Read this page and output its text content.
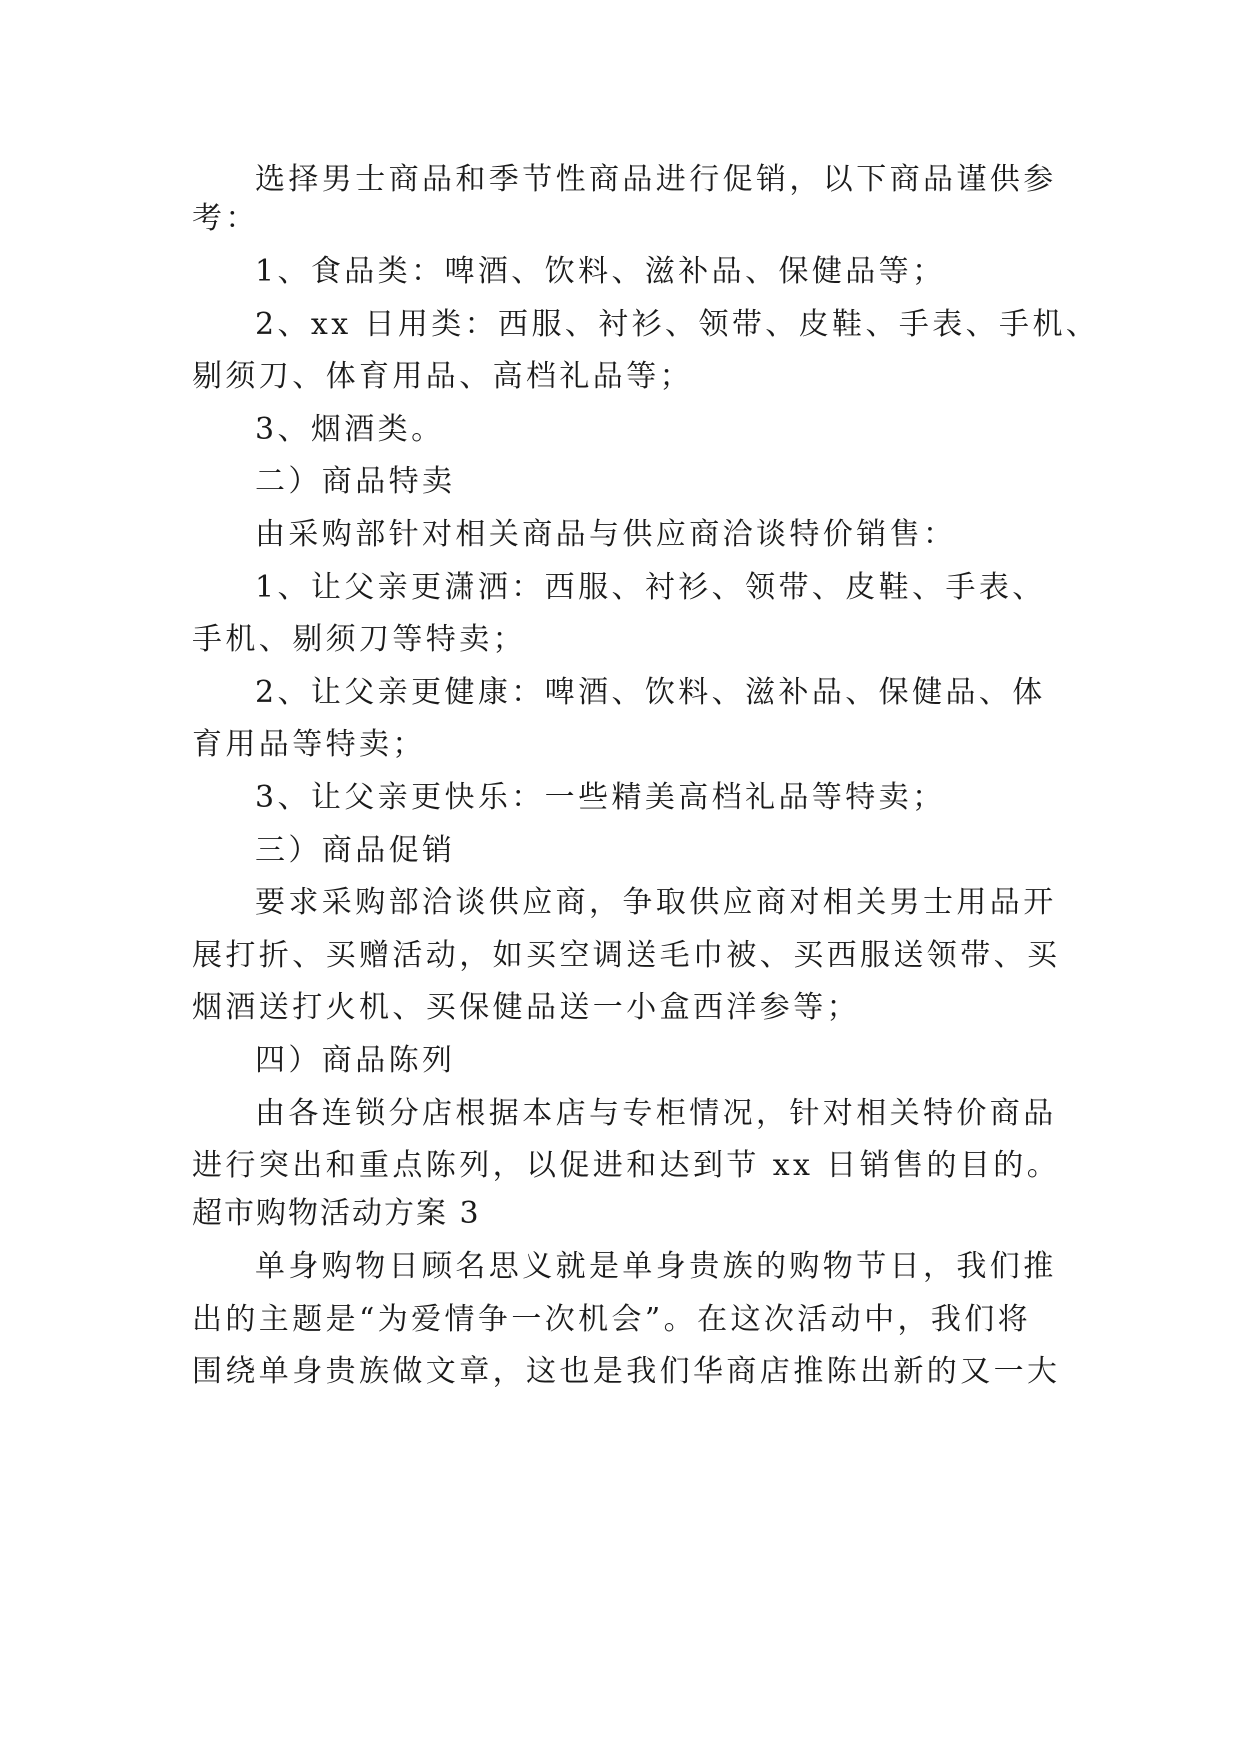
选择男士商品和季节性商品进行促销，以下商品谨供参
考：
1、食品类：啤酒、饮料、滋补品、保健品等；
2、xx 日用类：西服、衬衫、领带、皮鞋、手表、手机、
剔须刀、体育用品、高档礼品等；
3、烟酒类。
二）商品特卖
由采购部针对相关商品与供应商洽谈特价销售：
1、让父亲更潇洒：西服、衬衫、领带、皮鞋、手表、
手机、剔须刀等特卖；
2、让父亲更健康：啤酒、饮料、滋补品、保健品、体
育用品等特卖；
3、让父亲更快乐：一些精美高档礼品等特卖；
三）商品促销
要求采购部洽谈供应商，争取供应商对相关男士用品开
展打折、买赠活动，如买空调送毛巾被、买西服送领带、买
烟酒送打火机、买保健品送一小盒西洋参等；
四）商品陈列
由各连锁分店根据本店与专柜情况，针对相关特价商品
进行突出和重点陈列，以促进和达到节 xx 日销售的目的。
超市购物活动方案 3
单身购物日顾名思义就是单身贵族的购物节日，我们推
出的主题是“为爱情争一次机会”。在这次活动中，我们将
围绕单身贵族做文章，这也是我们华商店推陈出新的又一大
